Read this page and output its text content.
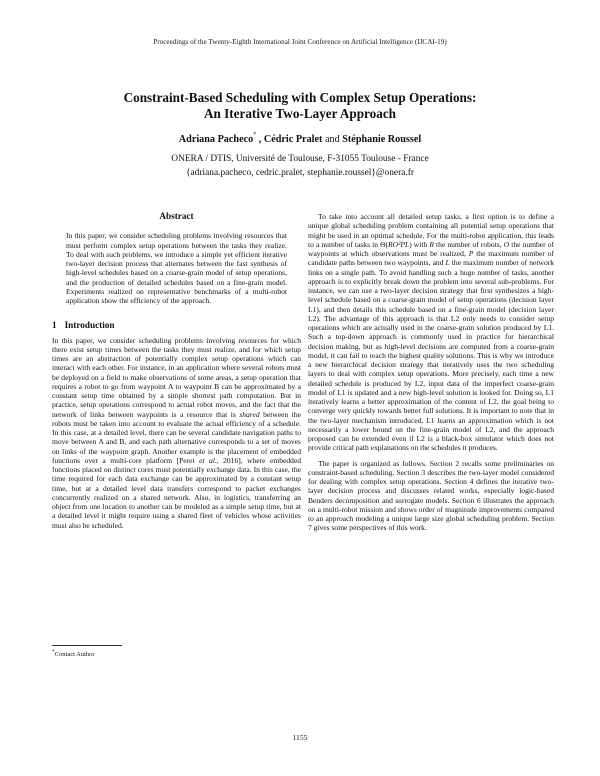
Proceedings of the Twenty-Eighth International Joint Conference on Artificial Intelligence (IJCAI-19)
Constraint-Based Scheduling with Complex Setup Operations:
An Iterative Two-Layer Approach
Adriana Pacheco* , Cédric Pralet and Stéphanie Roussel
ONERA / DTIS, Université de Toulouse, F-31055 Toulouse - France
{adriana.pacheco, cedric.pralet, stephanie.roussel}@onera.fr
Abstract

In this paper, we consider scheduling problems involving resources that must perform complex setup operations between the tasks they realize. To deal with such problems, we introduce a simple yet efficient iterative two-layer decision process that alternates between the fast synthesis of high-level schedules based on a coarse-grain model of setup operations, and the production of detailed schedules based on a fine-grain model. Experiments realized on representative benchmarks of a multi-robot application show the efficiency of the approach.

1 Introduction

In this paper, we consider scheduling problems involving resources for which there exist setup times between the tasks they must realize, and for which setup times are an abstraction of potentially complex setup operations which can interact with each other. For instance, in an application where several robots must be deployed on a field to make observations of some areas, a setup operation that requires a robot to go from waypoint A to waypoint B can be approximated by a constant setup time obtained by a simple shortest path computation. But in practice, setup operations correspond to actual robot moves, and the fact that the network of links between waypoints is a resource that is shared between the robots must be taken into account to evaluate the actual efficiency of a schedule. In this case, at a detailed level, there can be several candidate navigation paths to move between A and B, and each path alternative corresponds to a set of moves on links of the waypoint graph. Another example is the placement of embedded functions over a multi-core platform [Peret et al., 2016], where embedded functions placed on distinct cores must potentially exchange data. In this case, the time required for each data exchange can be approximated by a constant setup time, but at a detailed level data transfers correspond to packet exchanges concurrently realized on a shared network. Also, in logistics, transferring an object from one location to another can be modeled as a simple setup time, but at a detailed level it might require using a shared fleet of vehicles whose activities must also be scheduled.

To take into account all detailed setup tasks, a first option is to define a unique global scheduling problem containing all potential setup operations that might be used in an optimal schedule. For the multi-robot application, this leads to a number of tasks in Θ(RO²PL) with R the number of robots, O the number of waypoints at which observations must be realized, P the maximum number of candidate paths between two waypoints, and L the maximum number of network links on a single path. To avoid handling such a huge number of tasks, another approach is to explicitly break down the problem into several sub-problems. For instance, we can use a two-layer decision strategy that first synthesizes a high-level schedule based on a coarse-grain model of setup operations (decision layer L1), and then details this schedule based on a fine-grain model (decision layer L2). The advantage of this approach is that L2 only needs to consider setup operations which are actually used in the coarse-grain solution produced by L1. Such a top-down approach is commonly used in practice for hierarchical decision making, but as high-level decisions are computed from a coarse-grain model, it can fail to reach the highest quality solutions. This is why we introduce a new hierarchical decision strategy that iteratively uses the two scheduling layers to deal with complex setup operations. More precisely, each time a new detailed schedule is produced by L2, input data of the imperfect coarse-grain model of L1 is updated and a new high-level solution is looked for. Doing so, L1 iteratively learns a better approximation of the content of L2, the goal being to converge very quickly towards better full solutions. It is important to note that in the two-layer mechanism introduced, L1 learns an approximation which is not necessarily a lower bound on the fine-grain model of L2, and the approach proposed can be extended even if L2 is a black-box simulator which does not provide critical path explanations on the schedules it produces.

The paper is organized as follows. Section 2 recalls some preliminaries on constraint-based scheduling. Section 3 describes the two-layer model considered for dealing with complex setup operations. Section 4 defines the iterative two-layer decision process and discusses related works, especially logic-based Benders decomposition and surrogate models. Section 6 illustrates the approach on a multi-robot mission and shows order of magnitude improvements compared to an approach modeling a unique large size global scheduling problem. Section 7 gives some perspectives of this work.

*Contact Author
1155
